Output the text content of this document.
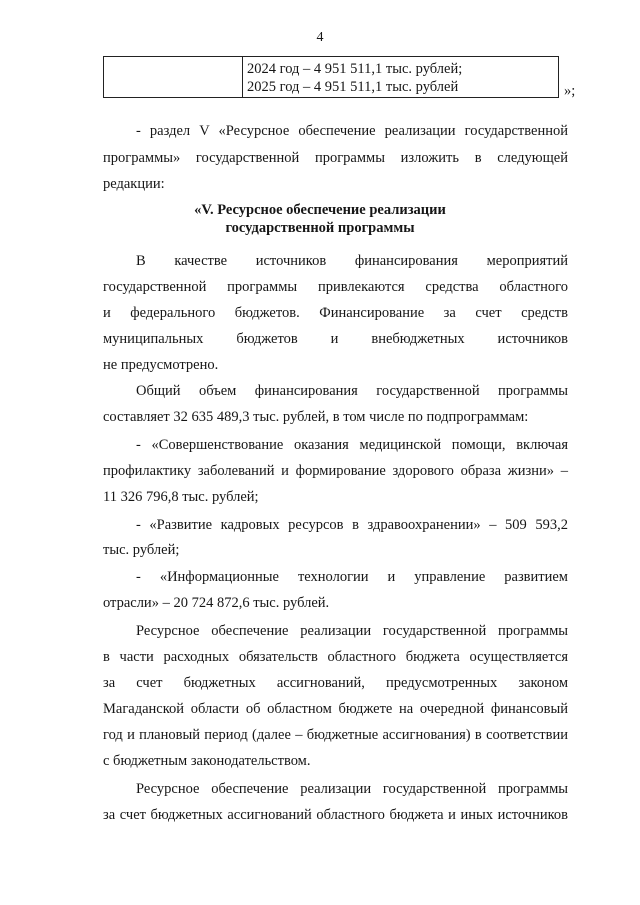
4
2024 год – 4 951 511,1 тыс. рублей;
2025 год – 4 951 511,1 тыс. рублей	»;
- раздел V «Ресурсное обеспечение реализации государственной
программы» государственной программы изложить в следующей
редакции:
«V. Ресурсное обеспечение реализации
государственной программы
В качестве источников финансирования мероприятий
государственной программы привлекаются средства областного
и федерального бюджетов. Финансирование за счет средств
муниципальных бюджетов и внебюджетных источников
не предусмотрено.
Общий объем финансирования государственной программы
составляет 32 635 489,3 тыс. рублей, в том числе по подпрограммам:
- «Совершенствование оказания медицинской помощи, включая
профилактику заболеваний и формирование здорового образа жизни» –
11 326 796,8 тыс. рублей;
- «Развитие кадровых ресурсов в здравоохранении» – 509 593,2
тыс. рублей;
- «Информационные технологии и управление развитием
отрасли» – 20 724 872,6 тыс. рублей.
Ресурсное обеспечение реализации государственной программы
в части расходных обязательств областного бюджета осуществляется
за счет бюджетных ассигнований, предусмотренных законом
Магаданской области об областном бюджете на очередной финансовый
год и плановый период (далее – бюджетные ассигнования) в соответствии
с бюджетным законодательством.
Ресурсное обеспечение реализации государственной программы
за счет бюджетных ассигнований областного бюджета и иных источников
